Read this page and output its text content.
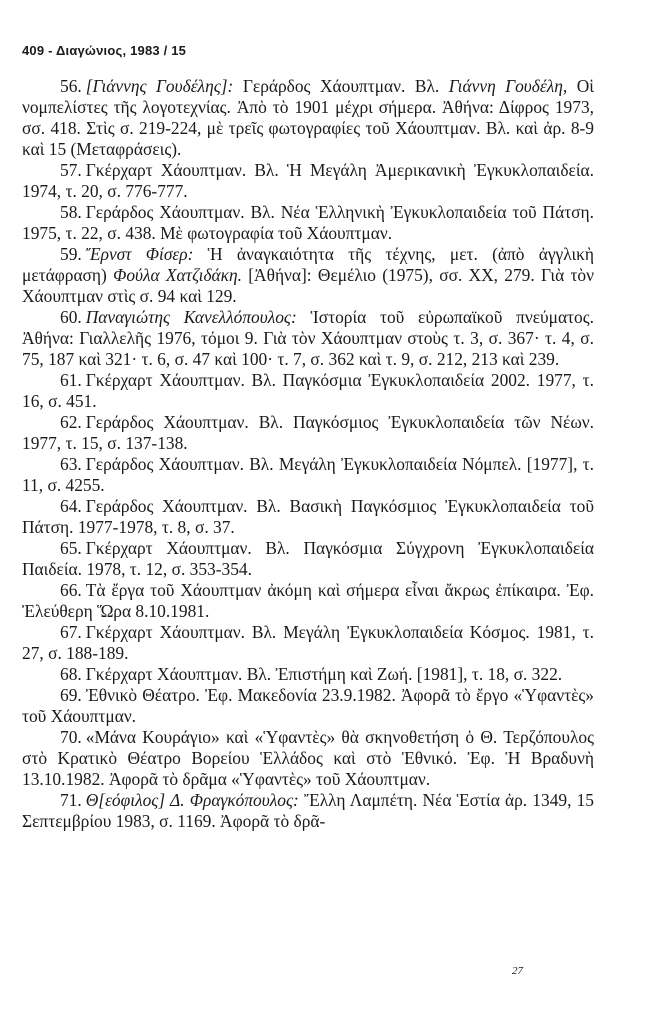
409 - Διαγώνιος, 1983 / 15

56. [Γιάννης Γουδέλης]: Γεράρδος Χάουπτμαν. Βλ. Γιάννη Γουδέλη, Οἱ νομπελίστες τῆς λογοτεχνίας. Ἀπὸ τὸ 1901 μέχρι σήμερα. Ἀθήνα: Δίφρος 1973, σσ. 418. Στὶς σ. 219-224, μὲ τρεῖς φωτογραφίες τοῦ Χάουπτμαν. Βλ. καὶ ἀρ. 8-9 καὶ 15 (Μεταφράσεις).

57. Γκέρχαρτ Χάουπτμαν. Βλ. Ἡ Μεγάλη Ἀμερικανικὴ Ἐγκυκλοπαιδεία. 1974, τ. 20, σ. 776-777.

58. Γεράρδος Χάουπτμαν. Βλ. Νέα Ἑλληνικὴ Ἐγκυκλοπαιδεία τοῦ Πάτση. 1975, τ. 22, σ. 438. Μὲ φωτογραφία τοῦ Χάουπτμαν.

59. Ἔρνστ Φίσερ: Ἡ ἀναγκαιότητα τῆς τέχνης, μετ. (ἀπὸ ἀγγλικὴ μετάφραση) Φούλα Χατζιδάκη. [Ἀθήνα]: Θεμέλιο (1975), σσ. XX, 279. Γιὰ τὸν Χάουπτμαν στὶς σ. 94 καὶ 129.

60. Παναγιώτης Κανελλόπουλος: Ἱστορία τοῦ εὐρωπαϊκοῦ πνεύματος. Ἀθήνα: Γιαλλελῆς 1976, τόμοι 9. Γιὰ τὸν Χάουπτμαν στοὺς τ. 3, σ. 367· τ. 4, σ. 75, 187 καὶ 321· τ. 6, σ. 47 καὶ 100· τ. 7, σ. 362 καὶ τ. 9, σ. 212, 213 καὶ 239.

61. Γκέρχαρτ Χάουπτμαν. Βλ. Παγκόσμια Ἐγκυκλοπαιδεία 2002. 1977, τ. 16, σ. 451.

62. Γεράρδος Χάουπτμαν. Βλ. Παγκόσμιος Ἐγκυκλοπαιδεία τῶν Νέων. 1977, τ. 15, σ. 137-138.

63. Γεράρδος Χάουπτμαν. Βλ. Μεγάλη Ἐγκυκλοπαιδεία Νόμπελ. [1977], τ. 11, σ. 4255.

64. Γεράρδος Χάουπτμαν. Βλ. Βασικὴ Παγκόσμιος Ἐγκυκλοπαιδεία τοῦ Πάτση. 1977-1978, τ. 8, σ. 37.

65. Γκέρχαρτ Χάουπτμαν. Βλ. Παγκόσμια Σύγχρονη Ἐγκυκλοπαιδεία Παιδεία. 1978, τ. 12, σ. 353-354.

66. Τὰ ἔργα τοῦ Χάουπτμαν ἀκόμη καὶ σήμερα εἶναι ἄκρως ἐπίκαιρα. Ἐφ. Ἐλεύθερη Ὥρα 8.10.1981.

67. Γκέρχαρτ Χάουπτμαν. Βλ. Μεγάλη Ἐγκυκλοπαιδεία Κόσμος. 1981, τ. 27, σ. 188-189.

68. Γκέρχαρτ Χάουπτμαν. Βλ. Ἐπιστήμη καὶ Ζωή. [1981], τ. 18, σ. 322.

69. Ἐθνικὸ Θέατρο. Ἐφ. Μακεδονία 23.9.1982. Ἀφορᾶ τὸ ἔργο «Ὑφαντὲς» τοῦ Χάουπτμαν.

70. «Μάνα Κουράγιο» καὶ «Ὑφαντὲς» θὰ σκηνοθετήση ὁ Θ. Τερζόπουλος στὸ Κρατικὸ Θέατρο Βορείου Ἑλλάδος καὶ στὸ Ἐθνικό. Ἐφ. Ἡ Βραδυνὴ 13.10.1982. Ἀφορᾶ τὸ δρᾶμα «Ὑφαντὲς» τοῦ Χάουπτμαν.

71. Θ[εόφιλος] Δ. Φραγκόπουλος: Ἔλλη Λαμπέτη. Νέα Ἑστία ἀρ. 1349, 15 Σεπτεμβρίου 1983, σ. 1169. Ἀφορᾶ τὸ δρᾶ-

27
